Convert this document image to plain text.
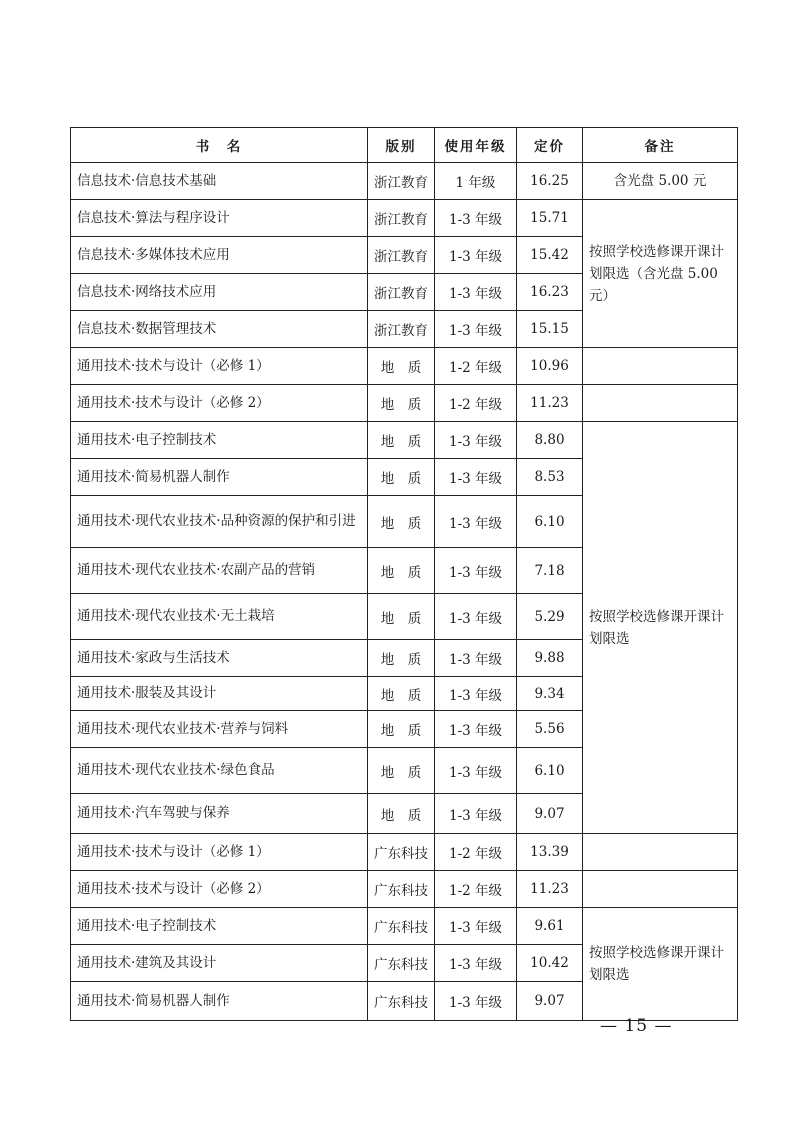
书　名	版别	使用年级	定价	备注
信息技术·信息技术基础	浙江教育	1 年级	16.25	含光盘 5.00 元
信息技术·算法与程序设计	浙江教育	1-3 年级	15.71	按照学校选修课开课计划限选（含光盘 5.00 元）
信息技术·多媒体技术应用	浙江教育	1-3 年级	15.42	
信息技术·网络技术应用	浙江教育	1-3 年级	16.23	
信息技术·数据管理技术	浙江教育	1-3 年级	15.15	
通用技术·技术与设计（必修 1）	地　质	1-2 年级	10.96	
通用技术·技术与设计（必修 2）	地　质	1-2 年级	11.23	
通用技术·电子控制技术	地　质	1-3 年级	8.80	按照学校选修课开课计划限选
通用技术·简易机器人制作	地　质	1-3 年级	8.53	
通用技术·现代农业技术·品种资源的保护和引进	地　质	1-3 年级	6.10	
通用技术·现代农业技术·农副产品的营销	地　质	1-3 年级	7.18	
通用技术·现代农业技术·无土栽培	地　质	1-3 年级	5.29	
通用技术·家政与生活技术	地　质	1-3 年级	9.88	
通用技术·服装及其设计	地　质	1-3 年级	9.34	
通用技术·现代农业技术·营养与饲料	地　质	1-3 年级	5.56	
通用技术·现代农业技术·绿色食品	地　质	1-3 年级	6.10	
通用技术·汽车驾驶与保养	地　质	1-3 年级	9.07	
通用技术·技术与设计（必修 1）	广东科技	1-2 年级	13.39	
通用技术·技术与设计（必修 2）	广东科技	1-2 年级	11.23	
通用技术·电子控制技术	广东科技	1-3 年级	9.61	按照学校选修课开课计划限选
通用技术·建筑及其设计	广东科技	1-3 年级	10.42	
通用技术·简易机器人制作	广东科技	1-3 年级	9.07	
— 15 —
